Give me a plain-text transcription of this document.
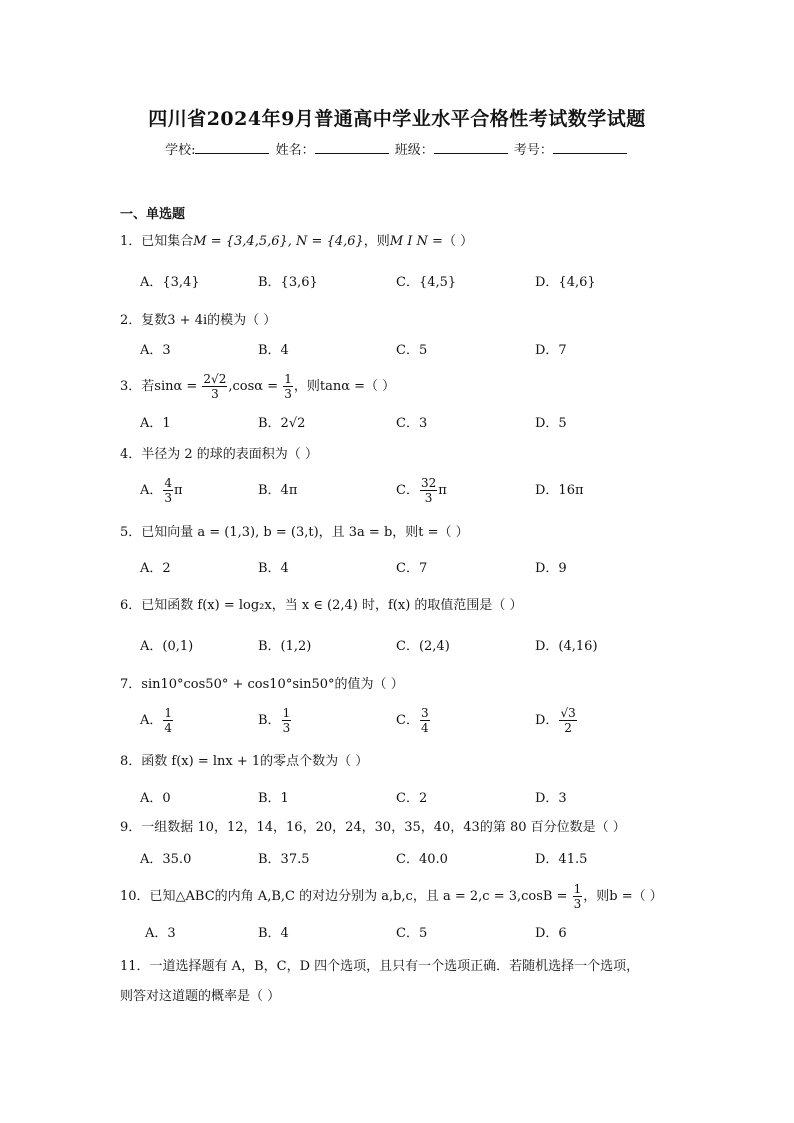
四川省2024年9月普通高中学业水平合格性考试数学试题
学校:	姓名：	班级：	考号：
一、单选题
1．已知集合M = {3,4,5,6}, N = {4,6}，则M I N =（ ）
A．{3,4}	B．{3,6}	C．{4,5}	D．{4,6}
2．复数3 + 4i的模为（ ）
A．3	B．4	C．5	D．7
3．若$\sin\alpha = \frac{2√2}{3} ,\cos\alpha = \frac{1}{3}$ ，则tanα =（ ）
A．1	B．2√2	C．3	D．5
4．半径为 2 的球的表面积为（ ）
A． $\frac{4}{3}$ π	B．4π	C． $\frac{32}{3}$ π	D．16π
5．已知向量 a = (1,3), b = (3,t)，且 3a = b，则t =（ ）
A．2	B．4	C．7	D．9
6．已知函数 f(x) = log₂x，当 x ∈ (2,4) 时，f(x) 的取值范围是（ ）
A．(0,1)	B．(1,2)	C．(2,4)	D．(4,16)
7．sin10°cos50° + cos10°sin50°的值为（ ）
A． $\frac{1}{4}$	B． $\frac{1}{3}$	C． $\frac{3}{4}$	D． $\frac{√3}{2}$
8．函数 f(x) = lnx + 1的零点个数为（ ）
A．0	B．1	C．2	D．3
9．一组数据 10，12，14，16，20，24，30，35，40，43的第 80 百分位数是（ ）
A．35.0	B．37.5	C．40.0	D．41.5
10．已知△ABC的内角 A,B,C 的对边分别为 a,b,c，且 $a = 2,c = 3,\cos B = \frac{1}{3}$ ，则b =（ ）
A．3	B．4	C．5	D．6
11．一道选择题有 A，B，C，D 四个选项，且只有一个选项正确．若随机选择一个选项，
则答对这道题的概率是（ ）
